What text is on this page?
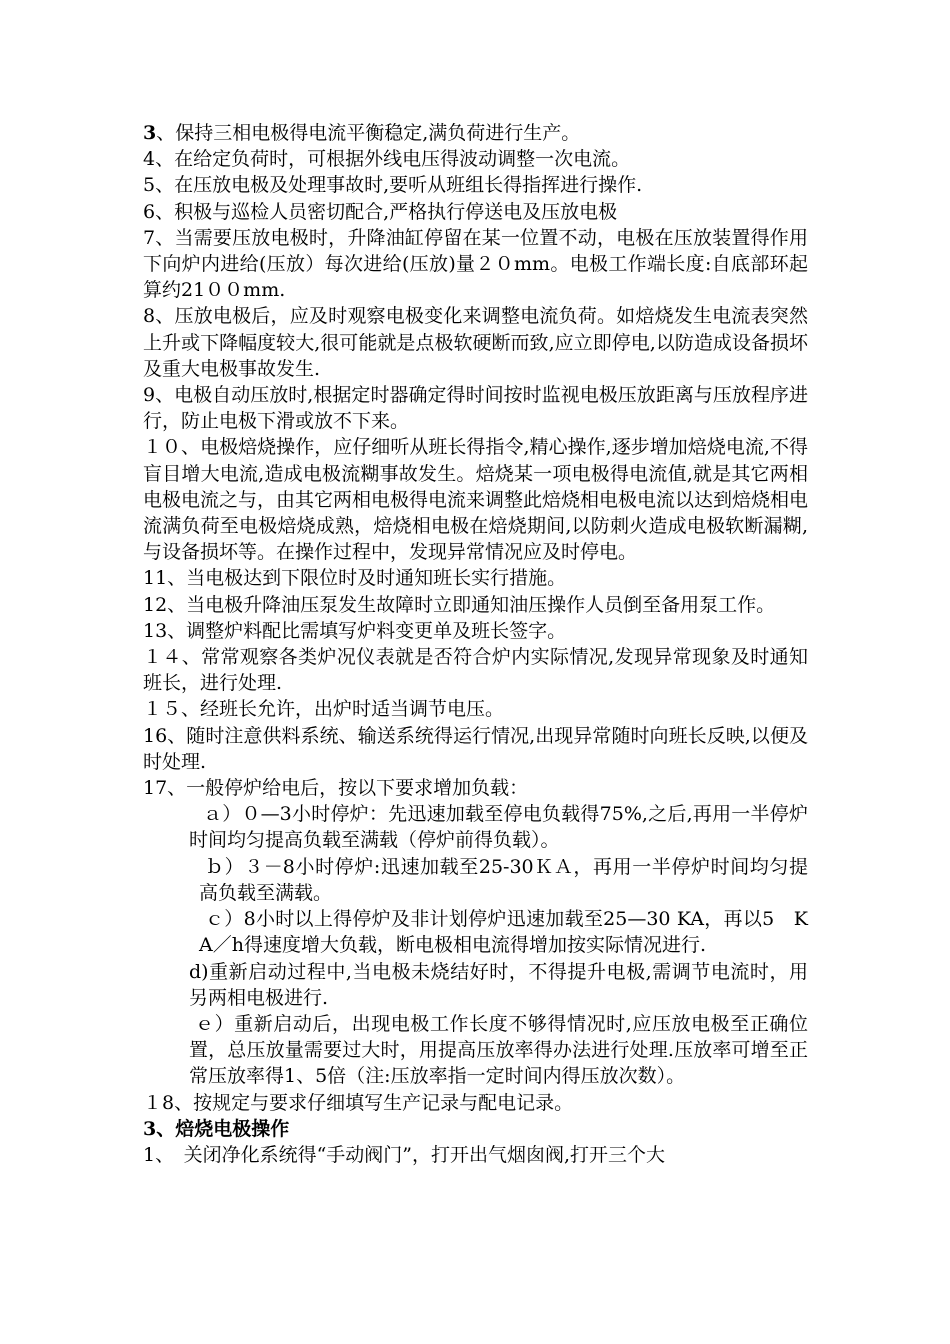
3、保持三相电极得电流平衡稳定,满负荷进行生产。

4、在给定负荷时，可根据外线电压得波动调整一次电流。

5、在压放电极及处理事故时,要听从班组长得指挥进行操作.

6、积极与巡检人员密切配合,严格执行停送电及压放电极

7、当需要压放电极时，升降油缸停留在某一位置不动，电极在压放装置得作用下向炉内进给(压放）每次进给(压放)量２０mm。电极工作端长度:自底部环起算约21００mm.

8、压放电极后，应及时观察电极变化来调整电流负荷。如焙烧发生电流表突然上升或下降幅度较大,很可能就是点极软硬断而致,应立即停电,以防造成设备损坏及重大电极事故发生.

9、电极自动压放时,根据定时器确定得时间按时监视电极压放距离与压放程序进行，防止电极下滑或放不下来。

１０、电极焙烧操作，应仔细听从班长得指令,精心操作,逐步增加焙烧电流,不得盲目增大电流,造成电极流糊事故发生。焙烧某一项电极得电流值,就是其它两相电极电流之与，由其它两相电极得电流来调整此焙烧相电极电流以达到焙烧相电流满负荷至电极焙烧成熟，焙烧相电极在焙烧期间,以防刺火造成电极软断漏糊,与设备损坏等。在操作过程中，发现异常情况应及时停电。

11、当电极达到下限位时及时通知班长实行措施。

12、当电极升降油压泵发生故障时立即通知油压操作人员倒至备用泵工作。

13、调整炉料配比需填写炉料变更单及班长签字。

１４、常常观察各类炉况仪表就是否符合炉内实际情况,发现异常现象及时通知班长，进行处理.

１５、经班长允许，出炉时适当调节电压。

16、随时注意供料系统、输送系统得运行情况,出现异常随时向班长反映,以便及时处理.

17、一般停炉给电后，按以下要求增加负载：

ａ）０—3小时停炉：先迅速加载至停电负载得75%,之后,再用一半停炉时间均匀提高负载至满载（停炉前得负载）。

ｂ）３－8小时停炉:迅速加载至25-30ＫＡ，再用一半停炉时间均匀提高负载至满载。

ｃ）8小时以上得停炉及非计划停炉迅速加载至25—30 KA，再以5　KA／h得速度增大负载，断电极相电流得增加按实际情况进行.

d)重新启动过程中,当电极未烧结好时，不得提升电极,需调节电流时，用另两相电极进行.

ｅ）重新启动后，出现电极工作长度不够得情况时,应压放电极至正确位置，总压放量需要过大时，用提高压放率得办法进行处理.压放率可增至正常压放率得1、5倍（注:压放率指一定时间内得压放次数）。

１8、按规定与要求仔细填写生产记录与配电记录。

3、焙烧电极操作

1、　关闭净化系统得“手动阀门”，打开出气烟囱阀,打开三个大
